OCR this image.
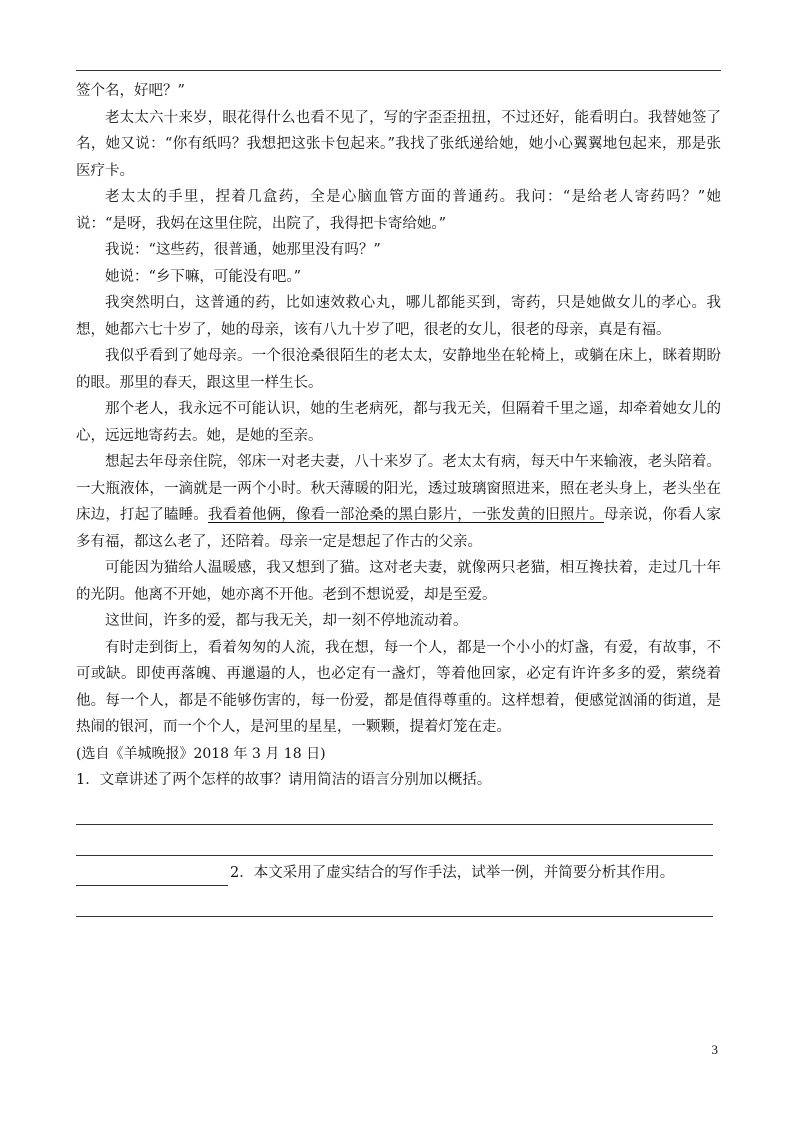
签个名，好吧？”

老太太六十来岁，眼花得什么也看不见了，写的字歪歪扭扭，不过还好，能看明白。我替她签了名，她又说：“你有纸吗？我想把这张卡包起来。”我找了张纸递给她，她小心翼翼地包起来，那是张医疗卡。

老太太的手里，捏着几盒药，全是心脑血管方面的普通药。我问：“是给老人寄药吗？”她说：“是呀，我妈在这里住院，出院了，我得把卡寄给她。”

我说：“这些药，很普通，她那里没有吗？”

她说：“乡下嘛，可能没有吧。”

我突然明白，这普通的药，比如速效救心丸，哪儿都能买到，寄药，只是她做女儿的孝心。我想，她都六七十岁了，她的母亲，该有八九十岁了吧，很老的女儿，很老的母亲，真是有福。

我似乎看到了她母亲。一个很沧桑很陌生的老太太，安静地坐在轮椅上，或躺在床上，眯着期盼的眼。那里的春天，跟这里一样生长。

那个老人，我永远不可能认识，她的生老病死，都与我无关，但隔着千里之遥，却牵着她女儿的心，远远地寄药去。她，是她的至亲。

想起去年母亲住院，邻床一对老夫妻，八十来岁了。老太太有病，每天中午来输液，老头陪着。一大瓶液体，一滴就是一两个小时。秋天薄暖的阳光，透过玻璃窗照进来，照在老头身上，老头坐在床边，打起了瞌睡。我看着他俩，像看一部沧桑的黑白影片，一张发黄的旧照片。母亲说，你看人家多有福，都这么老了，还陪着。母亲一定是想起了作古的父亲。

可能因为猫给人温暖感，我又想到了猫。这对老夫妻，就像两只老猫，相互搀扶着，走过几十年的光阴。他离不开她，她亦离不开他。老到不想说爱，却是至爱。

这世间，许多的爱，都与我无关，却一刻不停地流动着。

有时走到街上，看着匆匆的人流，我在想，每一个人，都是一个小小的灯盏，有爱，有故事，不可或缺。即使再落魄、再邋遢的人，也必定有一盏灯，等着他回家，必定有许许多多的爱，萦绕着他。每一个人，都是不能够伤害的，每一份爱，都是值得尊重的。这样想着，便感觉汹涌的街道，是热闹的银河，而一个个人，是河里的星星，一颗颗，提着灯笼在走。

(选自《羊城晚报》2018 年 3 月 18 日)

1．文章讲述了两个怎样的故事？请用简洁的语言分别加以概括。

2．本文采用了虚实结合的写作手法，试举一例，并简要分析其作用。
3
